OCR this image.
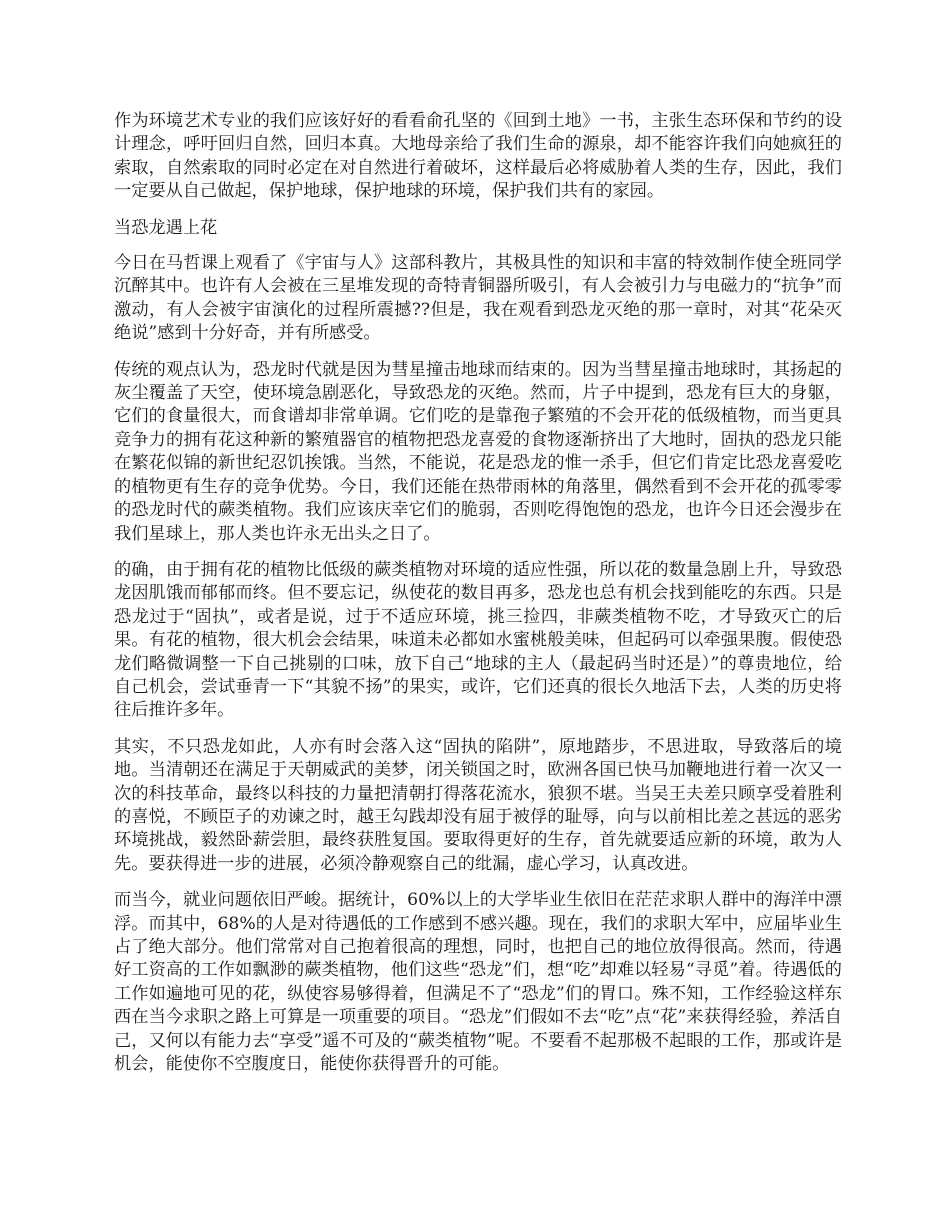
作为环境艺术专业的我们应该好好的看看俞孔坚的《回到土地》一书，主张生态环保和节约的设计理念，呼吁回归自然，回归本真。大地母亲给了我们生命的源泉，却不能容许我们向她疯狂的索取，自然索取的同时必定在对自然进行着破坏，这样最后必将威胁着人类的生存，因此，我们一定要从自己做起，保护地球，保护地球的环境，保护我们共有的家园。

当恐龙遇上花

今日在马哲课上观看了《宇宙与人》这部科教片，其极具性的知识和丰富的特效制作使全班同学沉醉其中。也许有人会被在三星堆发现的奇特青铜器所吸引，有人会被引力与电磁力的“抗争”而激动，有人会被宇宙演化的过程所震撼??但是，我在观看到恐龙灭绝的那一章时，对其“花朵灭绝说”感到十分好奇，并有所感受。

传统的观点认为，恐龙时代就是因为彗星撞击地球而结束的。因为当彗星撞击地球时，其扬起的灰尘覆盖了天空，使环境急剧恶化，导致恐龙的灭绝。然而，片子中提到，恐龙有巨大的身躯，它们的食量很大，而食谱却非常单调。它们吃的是靠孢子繁殖的不会开花的低级植物，而当更具竞争力的拥有花这种新的繁殖器官的植物把恐龙喜爱的食物逐渐挤出了大地时，固执的恐龙只能在繁花似锦的新世纪忍饥挨饿。当然，不能说，花是恐龙的惟一杀手，但它们肯定比恐龙喜爱吃的植物更有生存的竞争优势。今日，我们还能在热带雨林的角落里，偶然看到不会开花的孤零零的恐龙时代的蕨类植物。我们应该庆幸它们的脆弱，否则吃得饱饱的恐龙，也许今日还会漫步在我们星球上，那人类也许永无出头之日了。

的确，由于拥有花的植物比低级的蕨类植物对环境的适应性强，所以花的数量急剧上升，导致恐龙因肌饿而郁郁而终。但不要忘记，纵使花的数目再多，恐龙也总有机会找到能吃的东西。只是恐龙过于“固执”，或者是说，过于不适应环境，挑三捡四，非蕨类植物不吃，才导致灭亡的后果。有花的植物，很大机会会结果，味道未必都如水蜜桃般美味，但起码可以牵强果腹。假使恐龙们略微调整一下自己挑剔的口味，放下自己“地球的主人（最起码当时还是）”的尊贵地位，给自己机会，尝试垂青一下“其貌不扬”的果实，或许，它们还真的很长久地活下去，人类的历史将往后推许多年。

其实，不只恐龙如此，人亦有时会落入这“固执的陷阱”，原地踏步，不思进取，导致落后的境地。当清朝还在满足于天朝威武的美梦，闭关锁国之时，欧洲各国已快马加鞭地进行着一次又一次的科技革命，最终以科技的力量把清朝打得落花流水，狼狈不堪。当吴王夫差只顾享受着胜利的喜悦，不顾臣子的劝谏之时，越王勾践却没有屈于被俘的耻辱，向与以前相比差之甚远的恶劣环境挑战，毅然卧薪尝胆，最终获胜复国。要取得更好的生存，首先就要适应新的环境，敢为人先。要获得进一步的进展，必须冷静观察自己的纰漏，虚心学习，认真改进。

而当今，就业问题依旧严峻。据统计，60%以上的大学毕业生依旧在茫茫求职人群中的海洋中漂浮。而其中，68%的人是对待遇低的工作感到不感兴趣。现在，我们的求职大军中，应届毕业生占了绝大部分。他们常常对自己抱着很高的理想，同时，也把自己的地位放得很高。然而，待遇好工资高的工作如飘渺的蕨类植物，他们这些“恐龙”们，想“吃”却难以轻易“寻觅”着。待遇低的工作如遍地可见的花，纵使容易够得着，但满足不了“恐龙”们的胃口。殊不知，工作经验这样东西在当今求职之路上可算是一项重要的项目。“恐龙”们假如不去“吃”点“花”来获得经验，养活自己，又何以有能力去“享受”遥不可及的“蕨类植物”呢。不要看不起那极不起眼的工作，那或许是机会，能使你不空腹度日，能使你获得晋升的可能。
